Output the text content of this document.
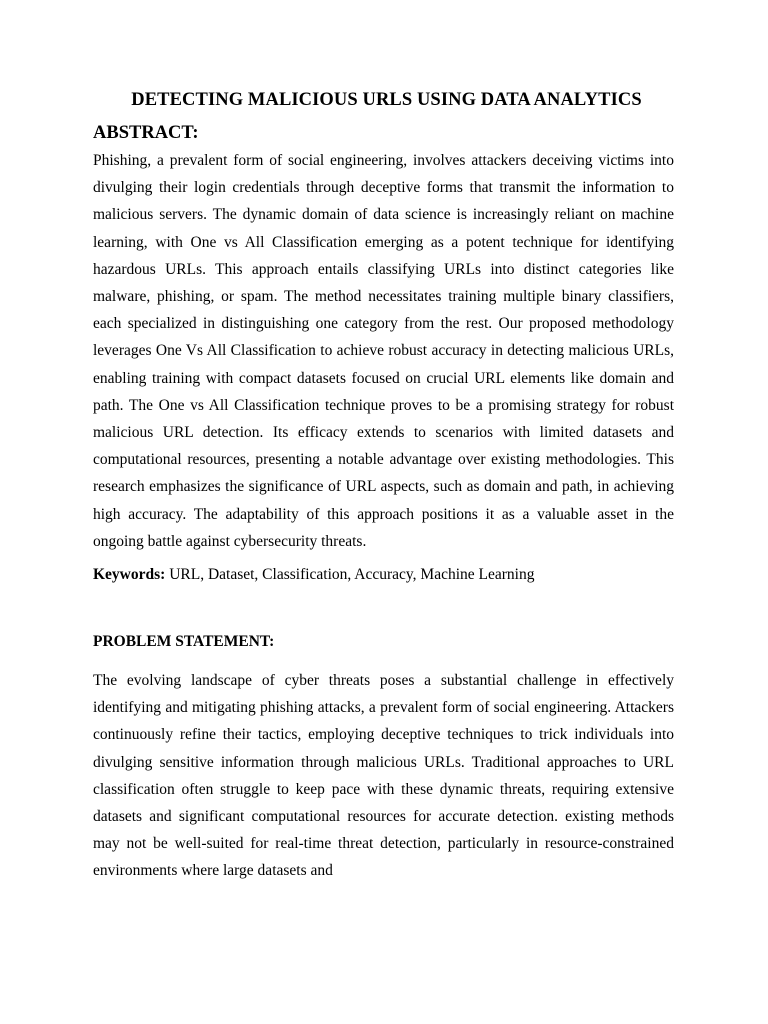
DETECTING MALICIOUS URLS USING DATA ANALYTICS
ABSTRACT:

Phishing, a prevalent form of social engineering, involves attackers deceiving victims into divulging their login credentials through deceptive forms that transmit the information to malicious servers. The dynamic domain of data science is increasingly reliant on machine learning, with One vs All Classification emerging as a potent technique for identifying hazardous URLs. This approach entails classifying URLs into distinct categories like malware, phishing, or spam. The method necessitates training multiple binary classifiers, each specialized in distinguishing one category from the rest. Our proposed methodology leverages One Vs All Classification to achieve robust accuracy in detecting malicious URLs, enabling training with compact datasets focused on crucial URL elements like domain and path. The One vs All Classification technique proves to be a promising strategy for robust malicious URL detection. Its efficacy extends to scenarios with limited datasets and computational resources, presenting a notable advantage over existing methodologies. This research emphasizes the significance of URL aspects, such as domain and path, in achieving high accuracy. The adaptability of this approach positions it as a valuable asset in the ongoing battle against cybersecurity threats.

Keywords: URL, Dataset, Classification, Accuracy, Machine Learning

PROBLEM STATEMENT:

The evolving landscape of cyber threats poses a substantial challenge in effectively identifying and mitigating phishing attacks, a prevalent form of social engineering. Attackers continuously refine their tactics, employing deceptive techniques to trick individuals into divulging sensitive information through malicious URLs. Traditional approaches to URL classification often struggle to keep pace with these dynamic threats, requiring extensive datasets and significant computational resources for accurate detection. existing methods may not be well-suited for real-time threat detection, particularly in resource-constrained environments where large datasets and
